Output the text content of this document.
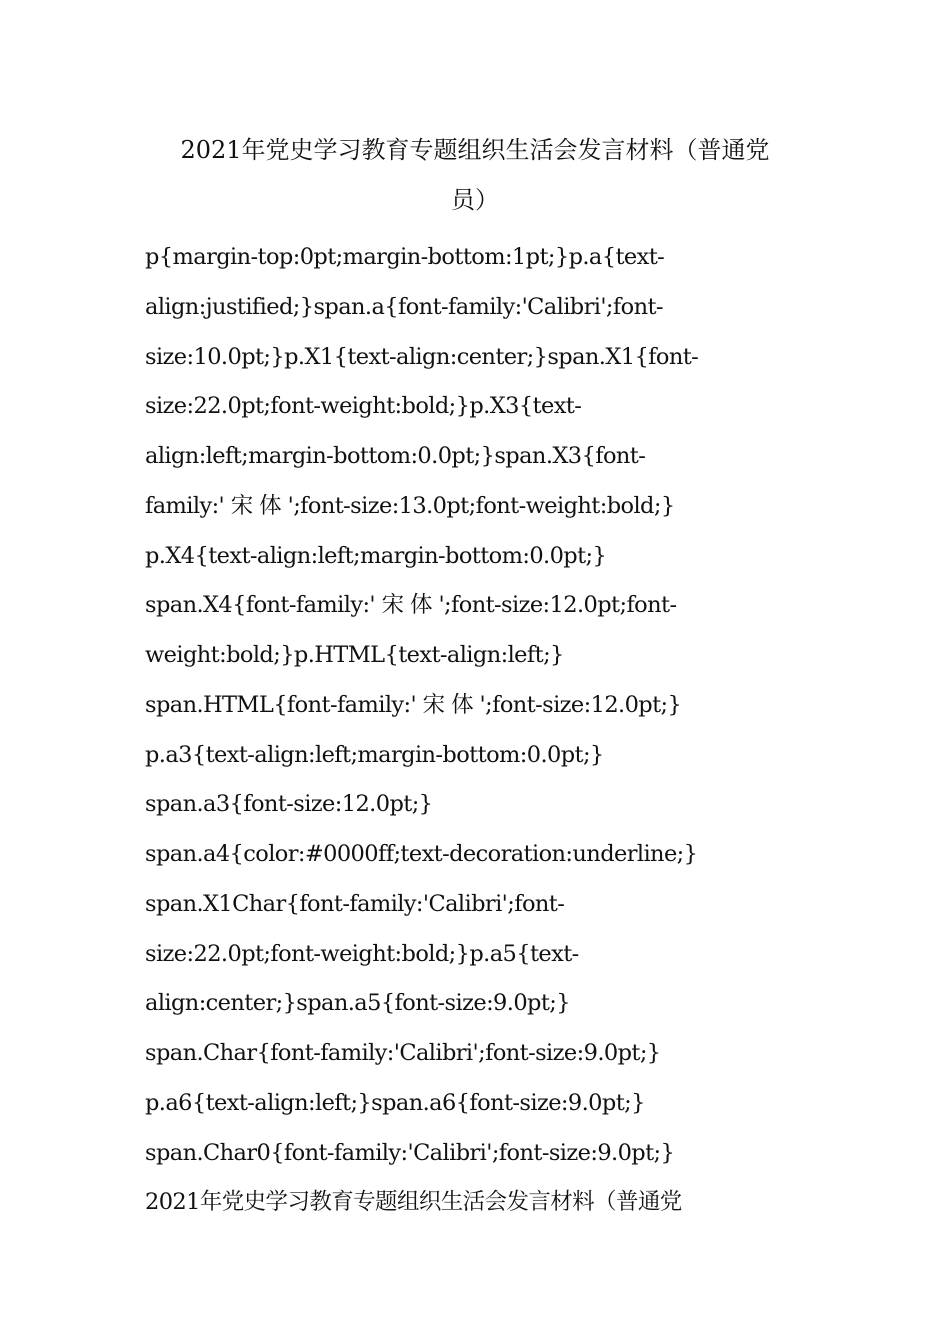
2021年党史学习教育专题组织生活会发言材料（普通党
员）
p{margin-top:0pt;margin-bottom:1pt;}p.a{text-
align:justified;}span.a{font-family:'Calibri';font-
size:10.0pt;}p.X1{text-align:center;}span.X1{font-
size:22.0pt;font-weight:bold;}p.X3{text-
align:left;margin-bottom:0.0pt;}span.X3{font-
family:' 宋 体 ';font-size:13.0pt;font-weight:bold;}
p.X4{text-align:left;margin-bottom:0.0pt;}
span.X4{font-family:' 宋 体 ';font-size:12.0pt;font-
weight:bold;}p.HTML{text-align:left;}
span.HTML{font-family:' 宋 体 ';font-size:12.0pt;}
p.a3{text-align:left;margin-bottom:0.0pt;}
span.a3{font-size:12.0pt;}
span.a4{color:#0000ff;text-decoration:underline;}
span.X1Char{font-family:'Calibri';font-
size:22.0pt;font-weight:bold;}p.a5{text-
align:center;}span.a5{font-size:9.0pt;}
span.Char{font-family:'Calibri';font-size:9.0pt;}
p.a6{text-align:left;}span.a6{font-size:9.0pt;}
span.Char0{font-family:'Calibri';font-size:9.0pt;}
2021年党史学习教育专题组织生活会发言材料（普通党
